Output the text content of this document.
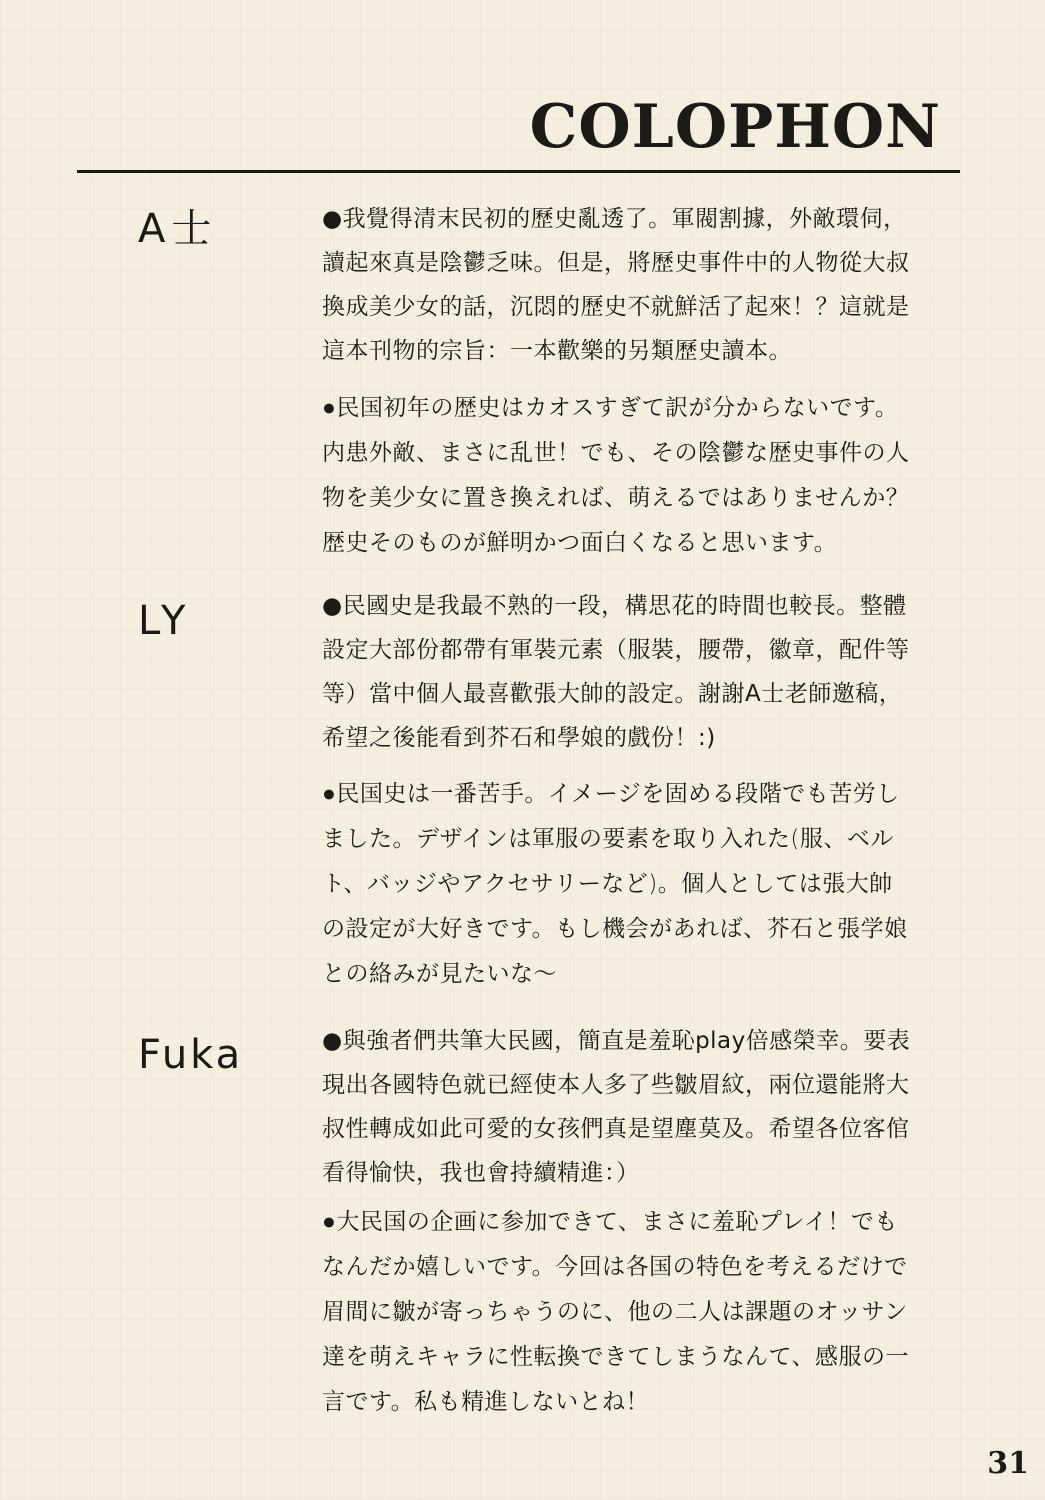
COLOPHON
A士	●我覺得清末民初的歷史亂透了。軍閥割據，外敵環伺，
讀起來真是陰鬱乏味。但是，將歷史事件中的人物從大叔
換成美少女的話，沉悶的歷史不就鮮活了起來！？這就是
這本刊物的宗旨：一本歡樂的另類歷史讀本。
●民国初年の歴史はカオスすぎて訳が分からないです。
内患外敵、まさに乱世！でも、その陰鬱な歴史事件の人
物を美少女に置き換えれば、萌えるではありませんか？
歴史そのものが鮮明かつ面白くなると思います。
LY	●民國史是我最不熟的一段，構思花的時間也較長。整體
設定大部份都帶有軍裝元素（服裝，腰帶，徽章，配件等
等）當中個人最喜歡張大帥的設定。謝謝A士老師邀稿，
希望之後能看到芥石和學娘的戲份！:)
●民国史は一番苦手。イメージを固める段階でも苦労し
ました。デザインは軍服の要素を取り入れた(服、ベル
ト、バッジやアクセサリーなど)。個人としては張大帥
の設定が大好きです。もし機会があれば、芥石と張学娘
との絡みが見たいな～
Fuka	●與強者們共筆大民國，簡直是羞恥play倍感榮幸。要表
現出各國特色就已經使本人多了些皺眉紋，兩位還能將大
叔性轉成如此可愛的女孩們真是望塵莫及。希望各位客倌
看得愉快，我也會持續精進：）
●大民国の企画に参加できて、まさに羞恥プレイ！でも
なんだか嬉しいです。今回は各国の特色を考えるだけで
眉間に皺が寄っちゃうのに、他の二人は課題のオッサン
達を萌えキャラに性転換できてしまうなんて、感服の一
言です。私も精進しないとね！
31
